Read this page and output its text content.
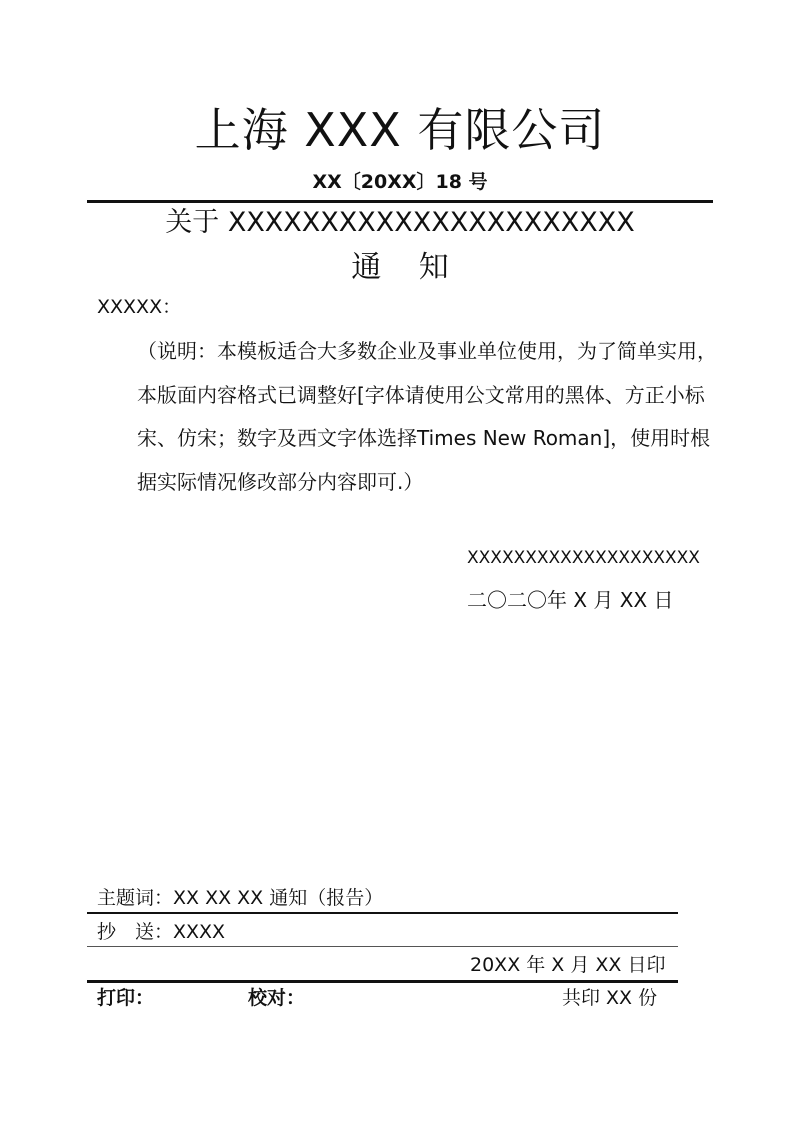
上海 XXX 有限公司
XX〔20XX〕18 号
关于 XXXXXXXXXXXXXXXXXXXXXX
通 知
XXXXX：

（说明：本模板适合大多数企业及事业单位使用，为了简单实用，本版面内容格式已调整好[字体请使用公文常用的黑体、方正小标宋、仿宋；数字及西文字体选择Times New Roman]，使用时根据实际情况修改部分内容即可.）

XXXXXXXXXXXXXXXXXXXX
二〇二〇年 X 月 XX 日
主题词：XX XX XX 通知（报告）
抄　送：XXXX
20XX 年 X 月 XX 日印
打印：	校对：	共印 XX 份
